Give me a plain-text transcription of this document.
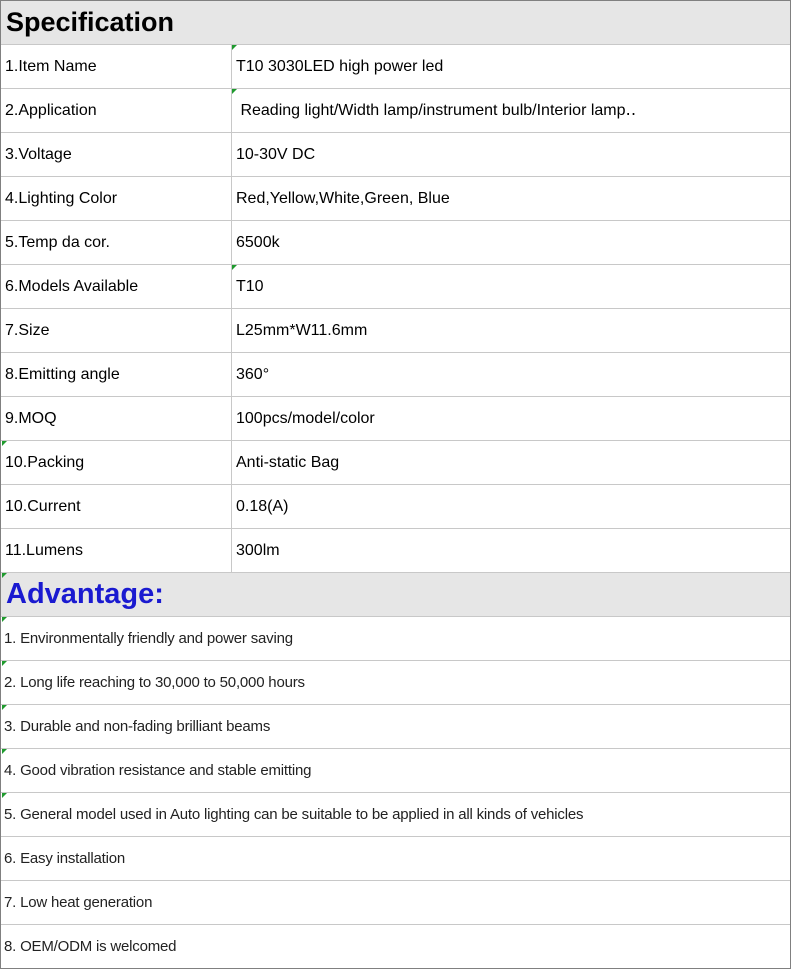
Specification
1.Item Name	T10 3030LED high power led
2.Application	Reading light/Width lamp/instrument bulb/Interior lamp‥
3.Voltage	10-30V DC
4.Lighting Color	Red,Yellow,White,Green, Blue
5.Temp da cor.	6500k
6.Models Available	T10
7.Size	L25mm*W11.6mm
8.Emitting angle	360°
9.MOQ	100pcs/model/color
10.Packing	Anti-static Bag
10.Current	0.18(A)
11.Lumens	300lm
Advantage:
1. Environmentally friendly and power saving
2. Long life reaching to 30,000 to 50,000 hours
3. Durable and non-fading brilliant beams
4. Good vibration resistance and stable emitting
5. General model used in Auto lighting can be suitable to be applied in all kinds of vehicles
6. Easy installation
7. Low heat generation
8. OEM/ODM is welcomed
